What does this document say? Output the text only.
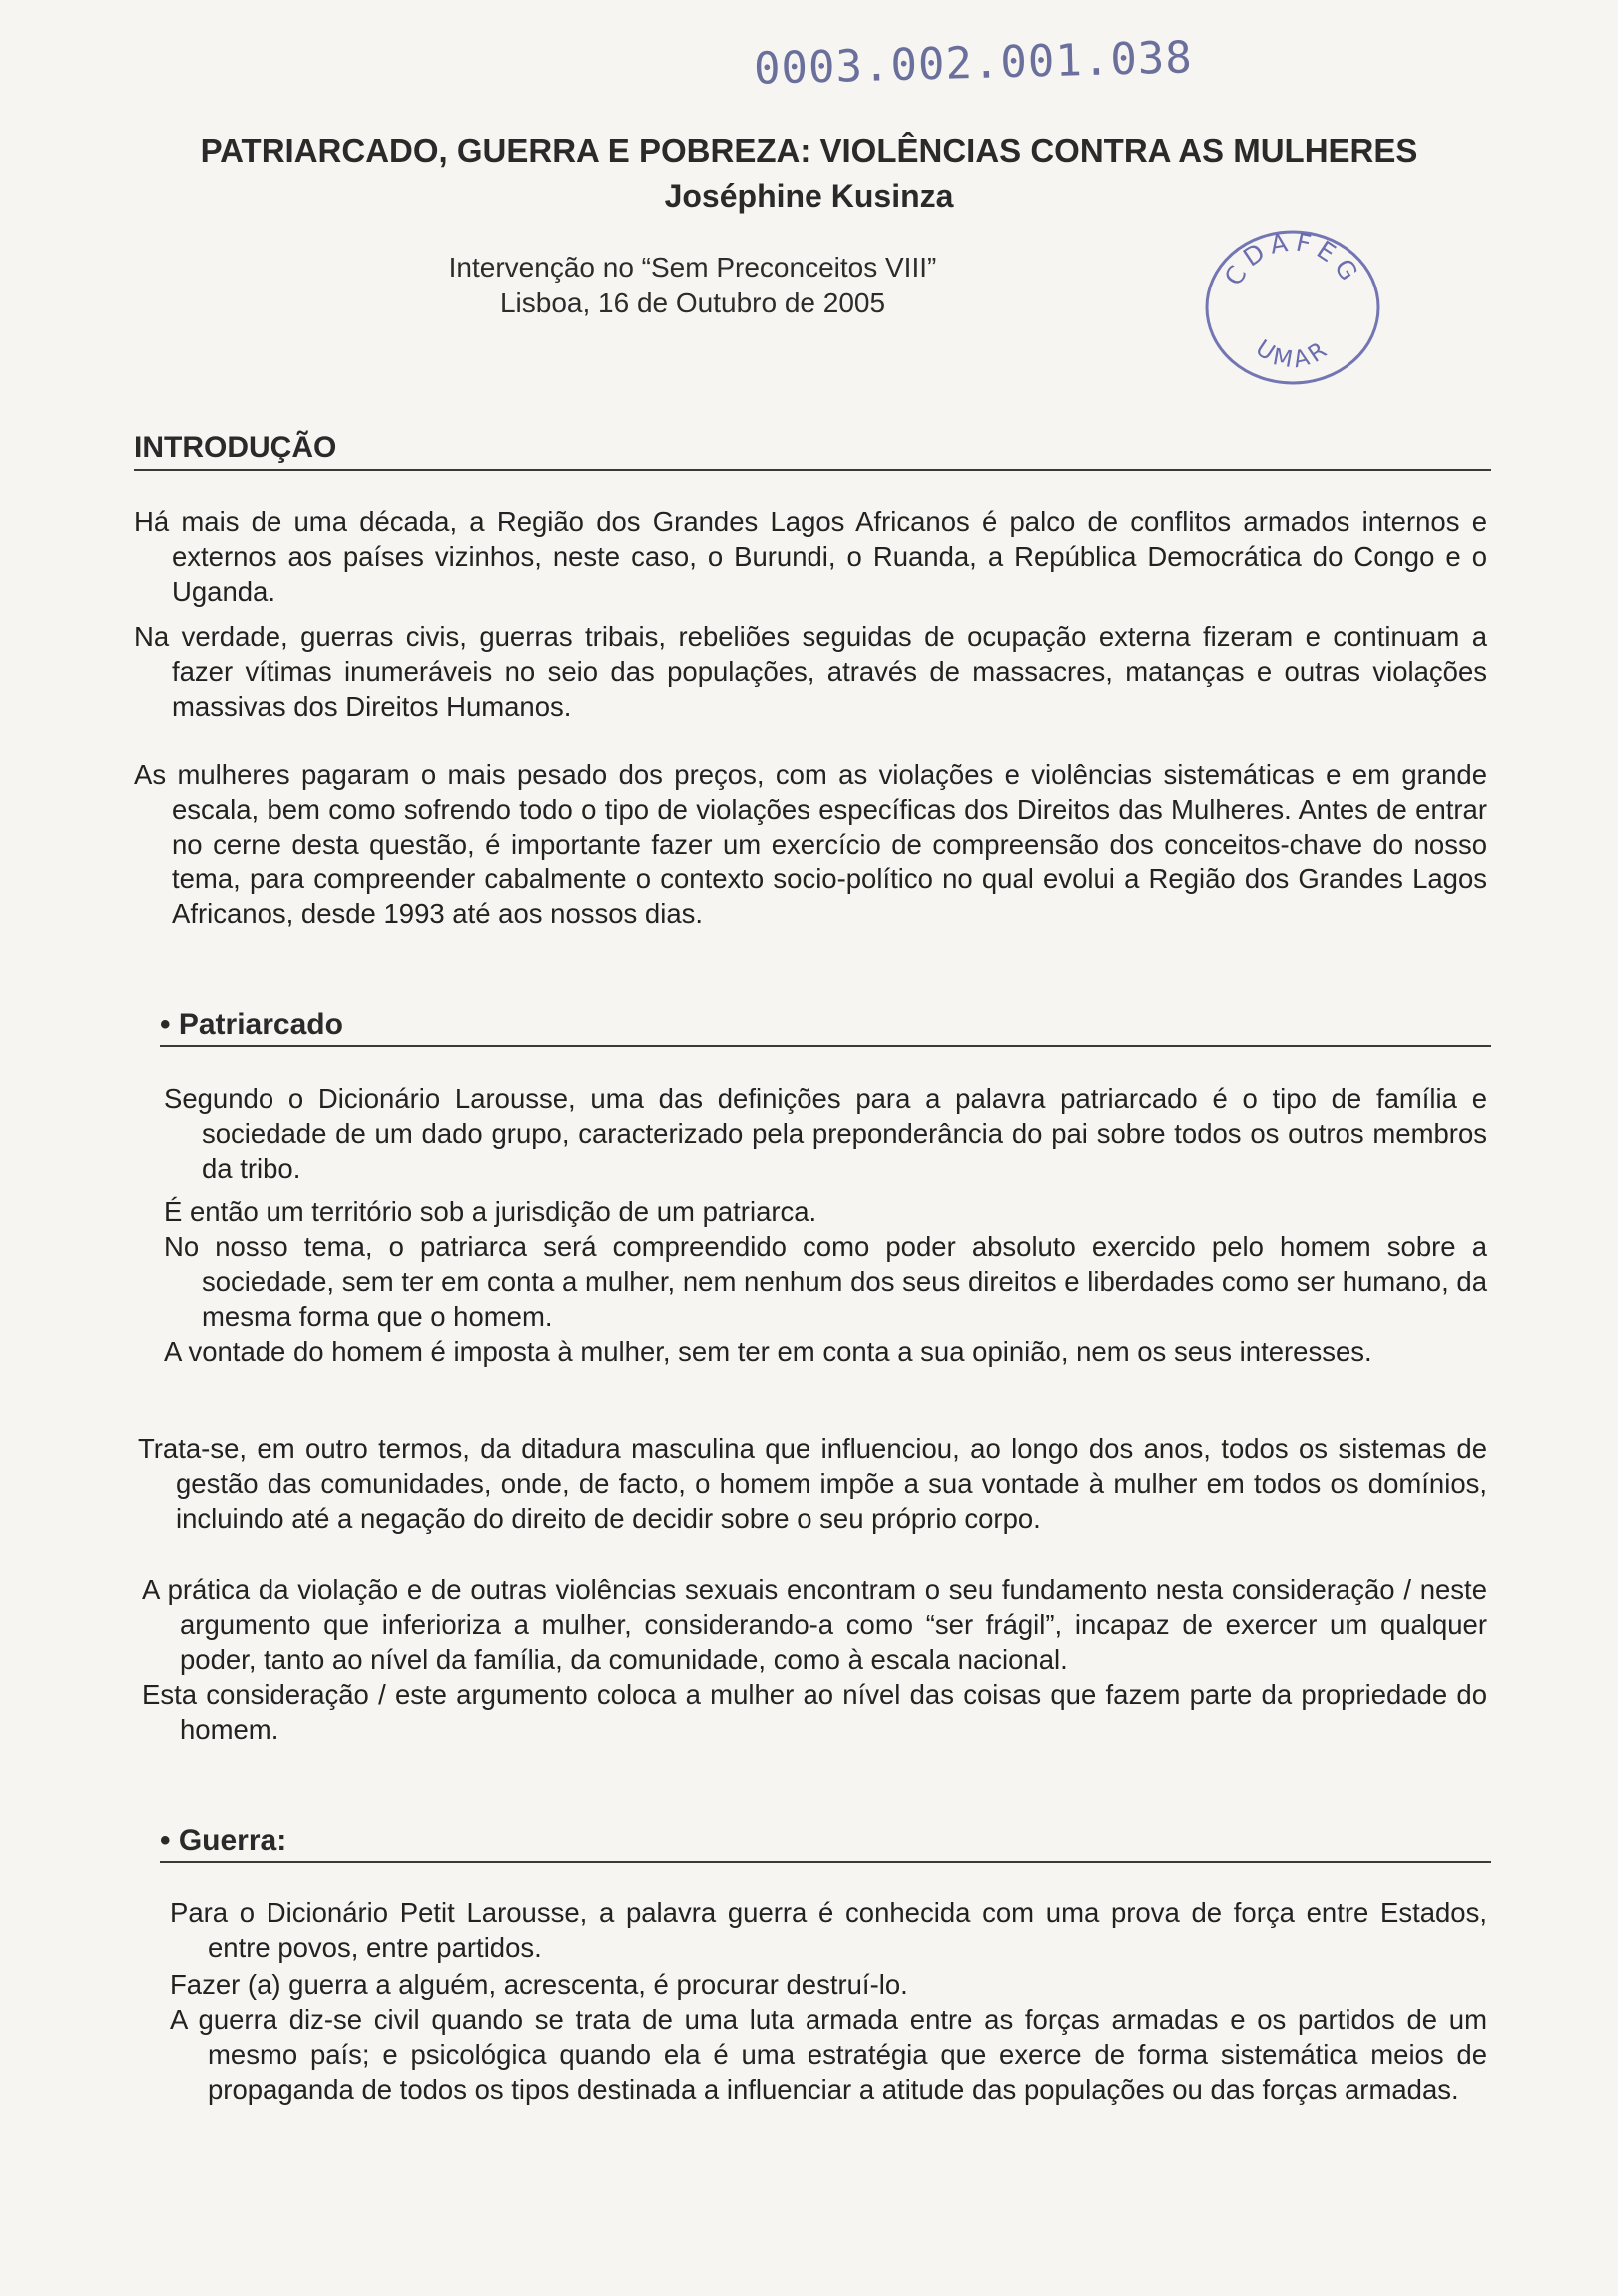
0003.002.001.038
PATRIARCADO, GUERRA E POBREZA: VIOLÊNCIAS CONTRA AS MULHERES
Joséphine Kusinza
Intervenção no “Sem Preconceitos VIII”
Lisboa, 16 de Outubro de 2005
CDAFEG
UMAR
INTRODUÇÃO
Há mais de uma década, a Região dos Grandes Lagos Africanos é palco de conflitos armados internos e externos aos países vizinhos, neste caso, o Burundi, o Ruanda, a República Democrática do Congo e o Uganda.
Na verdade, guerras civis, guerras tribais, rebeliões seguidas de ocupação externa fizeram e continuam a fazer vítimas inumeráveis no seio das populações, através de massacres, matanças e outras violações massivas dos Direitos Humanos.
As mulheres pagaram o mais pesado dos preços, com as violações e violências sistemáticas e em grande escala, bem como sofrendo todo o tipo de violações específicas dos Direitos das Mulheres. Antes de entrar no cerne desta questão, é importante fazer um exercício de compreensão dos conceitos-chave do nosso tema, para compreender cabalmente o contexto socio-político no qual evolui a Região dos Grandes Lagos Africanos, desde 1993 até aos nossos dias.
• Patriarcado
Segundo o Dicionário Larousse, uma das definições para a palavra patriarcado é o tipo de família e sociedade de um dado grupo, caracterizado pela preponderância do pai sobre todos os outros membros da tribo.
É então um território sob a jurisdição de um patriarca.
No nosso tema, o patriarca será compreendido como poder absoluto exercido pelo homem sobre a sociedade, sem ter em conta a mulher, nem nenhum dos seus direitos e liberdades como ser humano, da mesma forma que o homem.
A vontade do homem é imposta à mulher, sem ter em conta a sua opinião, nem os seus interesses.
Trata-se, em outro termos, da ditadura masculina que influenciou, ao longo dos anos, todos os sistemas de gestão das comunidades, onde, de facto, o homem impõe a sua vontade à mulher em todos os domínios, incluindo até a negação do direito de decidir sobre o seu próprio corpo.
A prática da violação e de outras violências sexuais encontram o seu fundamento nesta consideração / neste argumento que inferioriza a mulher, considerando-a como “ser frágil”, incapaz de exercer um qualquer poder, tanto ao nível da família, da comunidade, como à escala nacional.
Esta consideração / este argumento coloca a mulher ao nível das coisas que fazem parte da propriedade do homem.
• Guerra:
Para o Dicionário Petit Larousse, a palavra guerra é conhecida com uma prova de força entre Estados, entre povos, entre partidos.
Fazer (a) guerra a alguém, acrescenta, é procurar destruí-lo.
A guerra diz-se civil quando se trata de uma luta armada entre as forças armadas e os partidos de um mesmo país; e psicológica quando ela é uma estratégia que exerce de forma sistemática meios de propaganda de todos os tipos destinada a influenciar a atitude das populações ou das forças armadas.
